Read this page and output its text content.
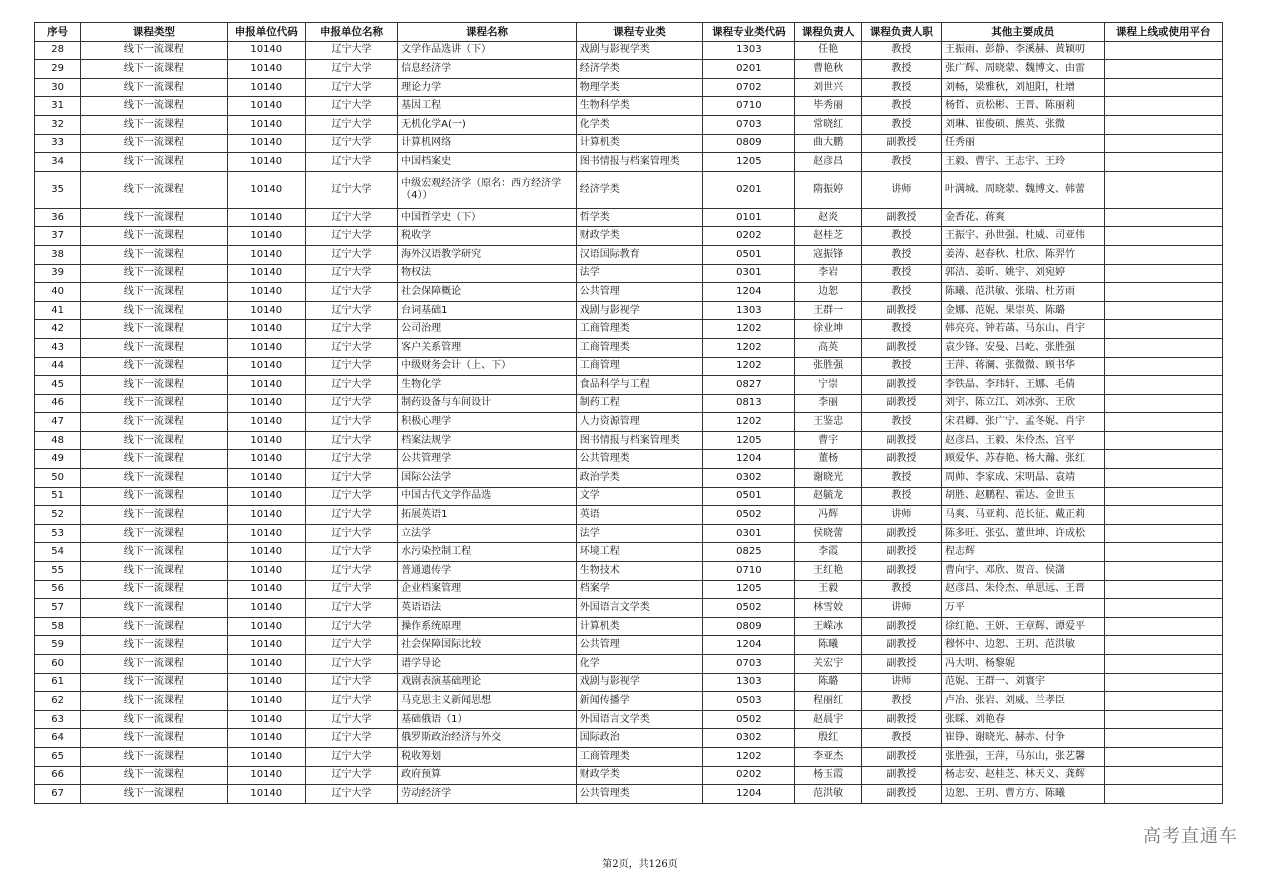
序号	课程类型	申报单位代码	申报单位名称	课程名称	课程专业类	课程专业类代码	课程负责人	课程负责人职	其他主要成员	课程上线或使用平台
28	线下一流课程	10140	辽宁大学	文学作品选讲（下）	戏剧与影视学类	1303	任艳	教授	王振雨、彭静、李溪赫、黄颖叨	
29	线下一流课程	10140	辽宁大学	信息经济学	经济学类	0201	曹艳秋	教授	张广辉、周晓蒙、魏博文、由雷	
30	线下一流课程	10140	辽宁大学	理论力学	物理学类	0702	刘世兴	教授	刘畅，梁雅秋，刘旭阳，杜增	
31	线下一流课程	10140	辽宁大学	基因工程	生物科学类	0710	毕秀丽	教授	杨哲、贡松彬、王晋、陈丽莉	
32	线下一流课程	10140	辽宁大学	无机化学A(一)	化学类	0703	常晓红	教授	刘琳、崔俊硕、熊英、张微	
33	线下一流课程	10140	辽宁大学	计算机网络	计算机类	0809	曲大鹏	副教授	任秀丽	
34	线下一流课程	10140	辽宁大学	中国档案史	图书情报与档案管理类	1205	赵彦昌	教授	王毅、曹宇、王志宇、王玲	
35	线下一流课程	10140	辽宁大学	中级宏观经济学（原名：西方经济学（4））	经济学类	0201	隋振婷	讲师	叶满城、周晓蒙、魏博文、韩蕾	
36	线下一流课程	10140	辽宁大学	中国哲学史（下）	哲学类	0101	赵炎	副教授	金香花、蒋爽	
37	线下一流课程	10140	辽宁大学	税收学	财政学类	0202	赵桂芝	教授	王振宇、孙世强、杜威、司亚伟	
38	线下一流课程	10140	辽宁大学	海外汉语教学研究	汉语国际教育	0501	寇振锋	教授	姜涛、赵春秋、杜欣、陈羿竹	
39	线下一流课程	10140	辽宁大学	物权法	法学	0301	李岩	教授	郭洁、姜昕、姚宇、刘宛婷	
40	线下一流课程	10140	辽宁大学	社会保障概论	公共管理	1204	边恕	教授	陈曦、范洪敏、张瑞、杜芳雨	
41	线下一流课程	10140	辽宁大学	台词基础1	戏剧与影视学	1303	王群一	副教授	金娜、范妮、果崇英、陈璐	
42	线下一流课程	10140	辽宁大学	公司治理	工商管理类	1202	徐业坤	教授	韩亮亮、钟若菡、马东山、肖宇	
43	线下一流课程	10140	辽宁大学	客户关系管理	工商管理类	1202	高英	副教授	袁少锋、安曼、吕屹、张胜强	
44	线下一流课程	10140	辽宁大学	中级财务会计（上、下）	工商管理	1202	张胜强	教授	王萍、蒋澜、张微微、顾书华	
45	线下一流课程	10140	辽宁大学	生物化学	食品科学与工程	0827	宁崇	副教授	李铁晶、李玮轩、王娜、毛倩	
46	线下一流课程	10140	辽宁大学	制药设备与车间设计	制药工程	0813	李丽	副教授	刘宇、陈立江、刘冰弥、王欣	
47	线下一流课程	10140	辽宁大学	积极心理学	人力资源管理	1202	王鉴忠	教授	宋君卿、张广宁、孟冬妮、肖宇	
48	线下一流课程	10140	辽宁大学	档案法规学	图书情报与档案管理类	1205	曹宇	副教授	赵彦昌、王毅、朱伶杰、宫平	
49	线下一流课程	10140	辽宁大学	公共管理学	公共管理类	1204	董杨	副教授	顾爱华、苏春艳、杨大瀚、张红	
50	线下一流课程	10140	辽宁大学	国际公法学	政治学类	0302	谢晓光	教授	周帅、李家成、宋明晶、袁靖	
51	线下一流课程	10140	辽宁大学	中国古代文学作品选	文学	0501	赵毓龙	教授	胡胜、赵鹏程、霍达、金世玉	
52	线下一流课程	10140	辽宁大学	拓展英语1	英语	0502	冯辉	讲师	马爽、马亚莉、范长征、戴正莉	
53	线下一流课程	10140	辽宁大学	立法学	法学	0301	侯晓蕾	副教授	陈多旺、张弘、董世坤、许成松	
54	线下一流课程	10140	辽宁大学	水污染控制工程	环境工程	0825	李霞	副教授	程志辉	
55	线下一流课程	10140	辽宁大学	普通遗传学	生物技术	0710	王红艳	副教授	曹向宇、邓欣、贺音、侯潇	
56	线下一流课程	10140	辽宁大学	企业档案管理	档案学	1205	王毅	教授	赵彦昌、朱伶杰、单思远、王晋	
57	线下一流课程	10140	辽宁大学	英语语法	外国语言文学类	0502	林雪姣	讲师	万平	
58	线下一流课程	10140	辽宁大学	操作系统原理	计算机类	0809	王嵘冰	副教授	徐红艳、王妍、王章辉、谭爱平	
59	线下一流课程	10140	辽宁大学	社会保障国际比较	公共管理	1204	陈曦	副教授	穆怀中、边恕、王玥、范洪敏	
60	线下一流课程	10140	辽宁大学	谱学导论	化学	0703	关宏宇	副教授	冯大明、杨黎妮	
61	线下一流课程	10140	辽宁大学	戏剧表演基础理论	戏剧与影视学	1303	陈璐	讲师	范妮、王群一、刘寰宇	
62	线下一流课程	10140	辽宁大学	马克思主义新闻思想	新闻传播学	0503	程丽红	教授	卢冶、张岩、刘威、兰孝臣	
63	线下一流课程	10140	辽宁大学	基础俄语（1）	外国语言文学类	0502	赵晨宇	副教授	张睬、刘艳春	
64	线下一流课程	10140	辽宁大学	俄罗斯政治经济与外交	国际政治	0302	殷红	教授	崔铮、谢晓光、赫赤、付争	
65	线下一流课程	10140	辽宁大学	税收筹划	工商管理类	1202	李亚杰	副教授	张胜强，王萍，马东山，张艺馨	
66	线下一流课程	10140	辽宁大学	政府预算	财政学类	0202	杨玉霞	副教授	杨志安、赵桂芝、林天义、龚辉	
67	线下一流课程	10140	辽宁大学	劳动经济学	公共管理类	1204	范洪敏	副教授	边恕、王玥、曹方方、陈曦	
第2页，共126页
高考直通车
